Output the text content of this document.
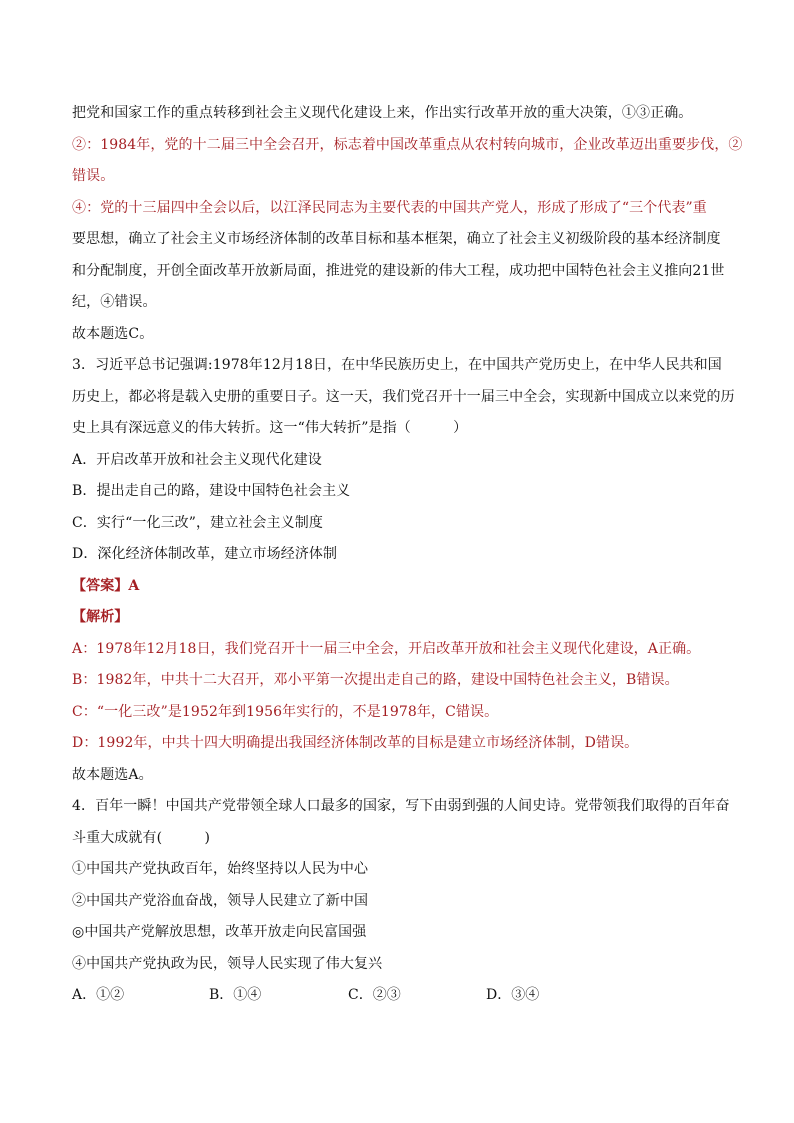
把党和国家工作的重点转移到社会主义现代化建设上来，作出实行改革开放的重大决策，①③正确。
②：1984年，党的十二届三中全会召开，标志着中国改革重点从农村转向城市，企业改革迈出重要步伐，②
错误。
④：党的十三届四中全会以后，以江泽民同志为主要代表的中国共产党人，形成了形成了“三个代表”重
要思想，确立了社会主义市场经济体制的改革目标和基本框架，确立了社会主义初级阶段的基本经济制度
和分配制度，开创全面改革开放新局面，推进党的建设新的伟大工程，成功把中国特色社会主义推向21世
纪，④错误。
故本题选C。
3．习近平总书记强调:1978年12月18日，在中华民族历史上，在中国共产党历史上，在中华人民共和国
历史上，都必将是载入史册的重要日子。这一天，我们党召开十一届三中全会，实现新中国成立以来党的历
史上具有深远意义的伟大转折。这一“伟大转折”是指（　　　）
A．开启改革开放和社会主义现代化建设
B．提出走自己的路，建设中国特色社会主义
C．实行“一化三改”，建立社会主义制度
D．深化经济体制改革，建立市场经济体制
【答案】A
【解析】
A：1978年12月18日，我们党召开十一届三中全会，开启改革开放和社会主义现代化建设，A正确。
B：1982年，中共十二大召开，邓小平第一次提出走自己的路，建设中国特色社会主义，B错误。
C：“一化三改”是1952年到1956年实行的，不是1978年，C错误。
D：1992年，中共十四大明确提出我国经济体制改革的目标是建立市场经济体制，D错误。
故本题选A。
4．百年一瞬！中国共产党带领全球人口最多的国家，写下由弱到强的人间史诗。党带领我们取得的百年奋
斗重大成就有(　　　)
①中国共产党执政百年，始终坚持以人民为中心
②中国共产党浴血奋战，领导人民建立了新中国
◎中国共产党解放思想，改革开放走向民富国强
④中国共产党执政为民，领导人民实现了伟大复兴
A．①②	B．①④	C．②③	D．③④
